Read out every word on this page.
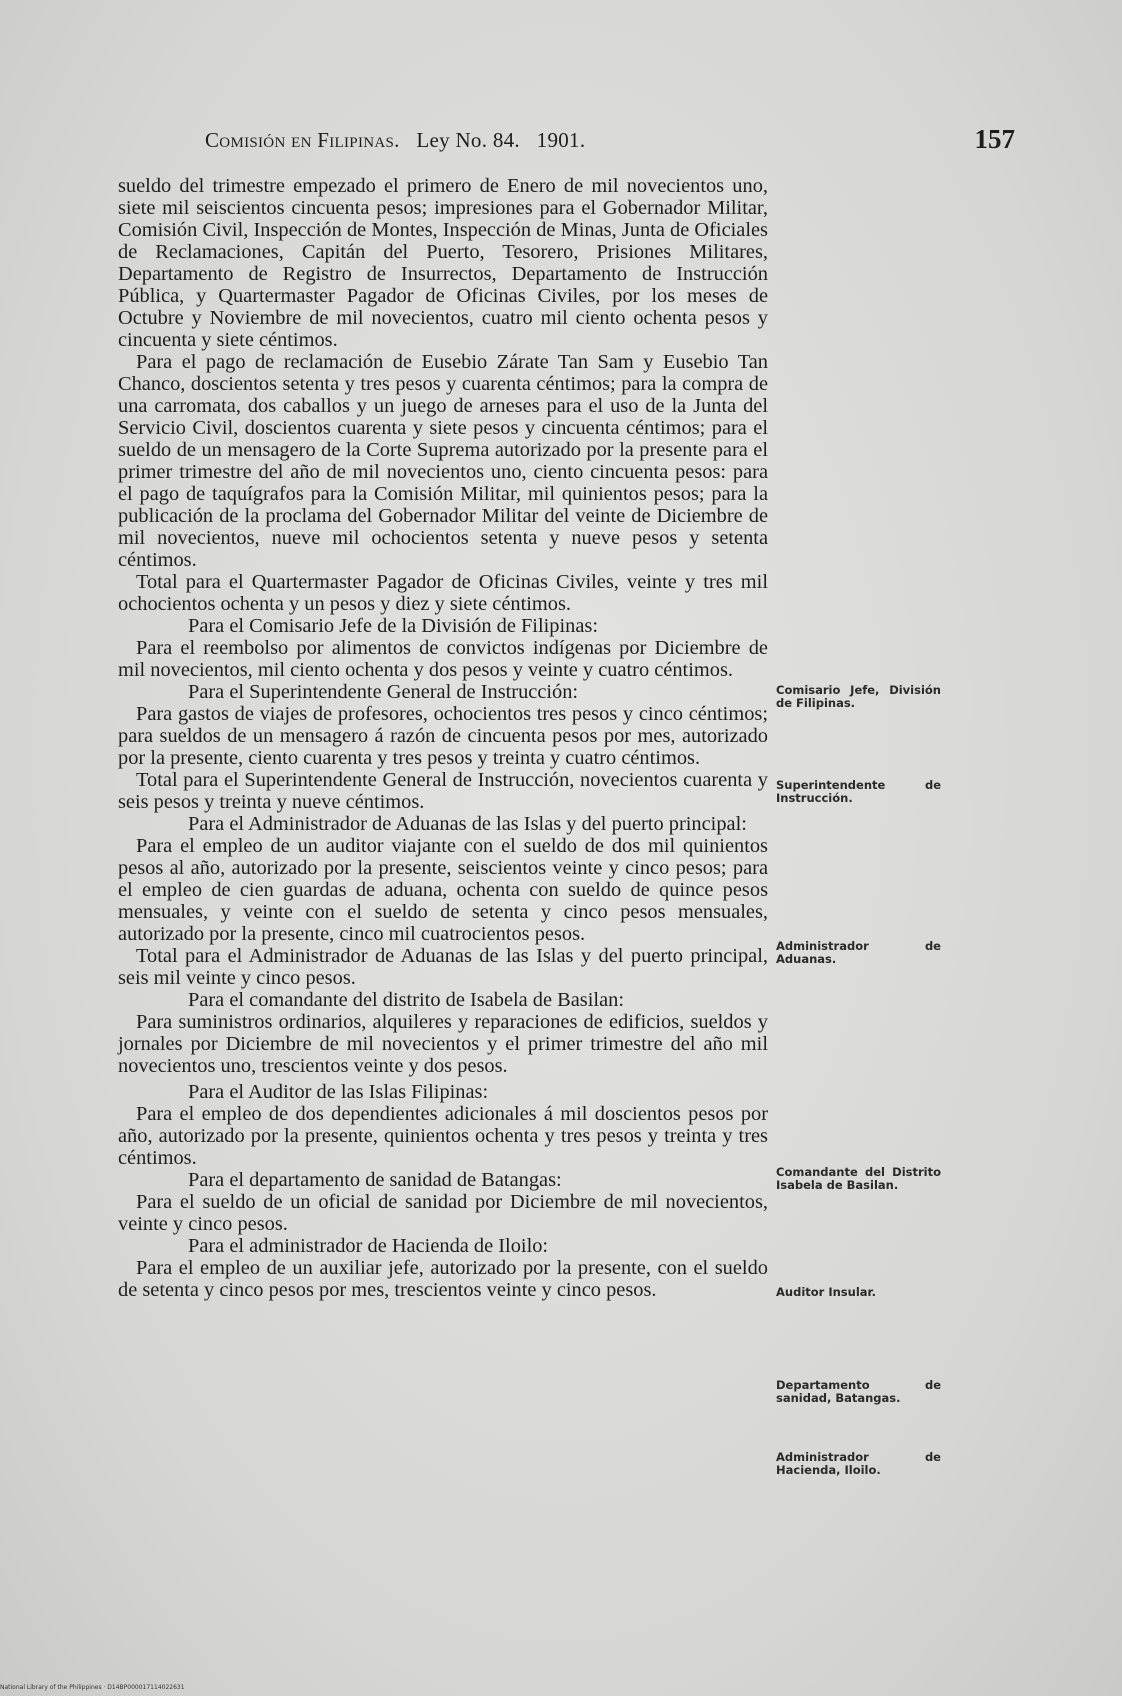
Comisión en Filipinas. Ley No. 84. 1901.	157

sueldo del trimestre empezado el primero de Enero de mil novecientos uno, siete mil seiscientos cincuenta pesos; impresiones para el Gobernador Militar, Comisión Civil, Inspección de Montes, Inspección de Minas, Junta de Oficiales de Reclamaciones, Capitán del Puerto, Tesorero, Prisiones Militares, Departamento de Registro de Insurrectos, Departamento de Instrucción Pública, y Quartermaster Pagador de Oficinas Civiles, por los meses de Octubre y Noviembre de mil novecientos, cuatro mil ciento ochenta pesos y cincuenta y siete céntimos.

Para el pago de reclamación de Eusebio Zárate Tan Sam y Eusebio Tan Chanco, doscientos setenta y tres pesos y cuarenta céntimos; para la compra de una carromata, dos caballos y un juego de arneses para el uso de la Junta del Servicio Civil, doscientos cuarenta y siete pesos y cincuenta céntimos; para el sueldo de un mensagero de la Corte Suprema autorizado por la presente para el primer trimestre del año de mil novecientos uno, ciento cincuenta pesos: para el pago de taquígrafos para la Comisión Militar, mil quinientos pesos; para la publicación de la proclama del Gobernador Militar del veinte de Diciembre de mil novecientos, nueve mil ochocientos setenta y nueve pesos y setenta céntimos.

Total para el Quartermaster Pagador de Oficinas Civiles, veinte y tres mil ochocientos ochenta y un pesos y diez y siete céntimos.

Para el Comisario Jefe de la División de Filipinas:

Para el reembolso por alimentos de convictos indígenas por Diciembre de mil novecientos, mil ciento ochenta y dos pesos y veinte y cuatro céntimos.

Para el Superintendente General de Instrucción:

Para gastos de viajes de profesores, ochocientos tres pesos y cinco céntimos; para sueldos de un mensagero á razón de cincuenta pesos por mes, autorizado por la presente, ciento cuarenta y tres pesos y treinta y cuatro céntimos.

Total para el Superintendente General de Instrucción, novecientos cuarenta y seis pesos y treinta y nueve céntimos.

Para el Administrador de Aduanas de las Islas y del puerto principal:

Para el empleo de un auditor viajante con el sueldo de dos mil quinientos pesos al año, autorizado por la presente, seiscientos veinte y cinco pesos; para el empleo de cien guardas de aduana, ochenta con sueldo de quince pesos mensuales, y veinte con el sueldo de setenta y cinco pesos mensuales, autorizado por la presente, cinco mil cuatrocientos pesos.

Total para el Administrador de Aduanas de las Islas y del puerto principal, seis mil veinte y cinco pesos.

Para el comandante del distrito de Isabela de Basilan:

Para suministros ordinarios, alquileres y reparaciones de edificios, sueldos y jornales por Diciembre de mil novecientos y el primer trimestre del año mil novecientos uno, trescientos veinte y dos pesos.

Para el Auditor de las Islas Filipinas:

Para el empleo de dos dependientes adicionales á mil doscientos pesos por año, autorizado por la presente, quinientos ochenta y tres pesos y treinta y tres céntimos.

Para el departamento de sanidad de Batangas:

Para el sueldo de un oficial de sanidad por Diciembre de mil novecientos, veinte y cinco pesos.

Para el administrador de Hacienda de Iloilo:

Para el empleo de un auxiliar jefe, autorizado por la presente, con el sueldo de setenta y cinco pesos por mes, trescientos veinte y cinco pesos.

Comisario Jefe, División de Filipinas.
Superintendente de Instrucción.
Administrador de Aduanas.
Comandante del Distrito Isabela de Basilan.
Auditor Insular.
Departamento de sanidad, Batangas.
Administrador de Hacienda, Iloilo.
National Library of the Philippines · D14BP000017114022631
